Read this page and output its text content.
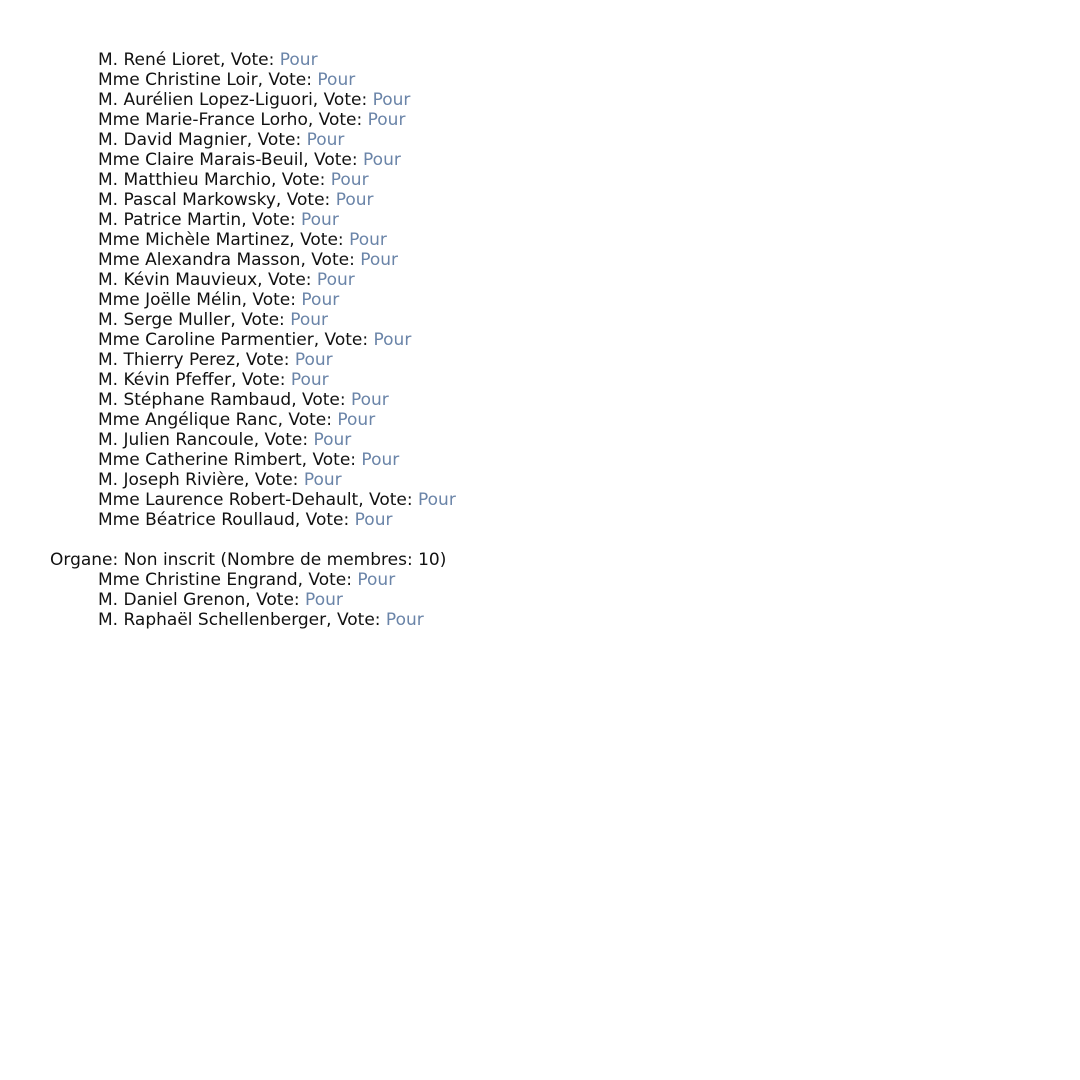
M. René Lioret, Vote: Pour
Mme Christine Loir, Vote: Pour
M. Aurélien Lopez-Liguori, Vote: Pour
Mme Marie-France Lorho, Vote: Pour
M. David Magnier, Vote: Pour
Mme Claire Marais-Beuil, Vote: Pour
M. Matthieu Marchio, Vote: Pour
M. Pascal Markowsky, Vote: Pour
M. Patrice Martin, Vote: Pour
Mme Michèle Martinez, Vote: Pour
Mme Alexandra Masson, Vote: Pour
M. Kévin Mauvieux, Vote: Pour
Mme Joëlle Mélin, Vote: Pour
M. Serge Muller, Vote: Pour
Mme Caroline Parmentier, Vote: Pour
M. Thierry Perez, Vote: Pour
M. Kévin Pfeffer, Vote: Pour
M. Stéphane Rambaud, Vote: Pour
Mme Angélique Ranc, Vote: Pour
M. Julien Rancoule, Vote: Pour
Mme Catherine Rimbert, Vote: Pour
M. Joseph Rivière, Vote: Pour
Mme Laurence Robert-Dehault, Vote: Pour
Mme Béatrice Roullaud, Vote: Pour
Organe: Non inscrit (Nombre de membres: 10)
Mme Christine Engrand, Vote: Pour
M. Daniel Grenon, Vote: Pour
M. Raphaël Schellenberger, Vote: Pour
